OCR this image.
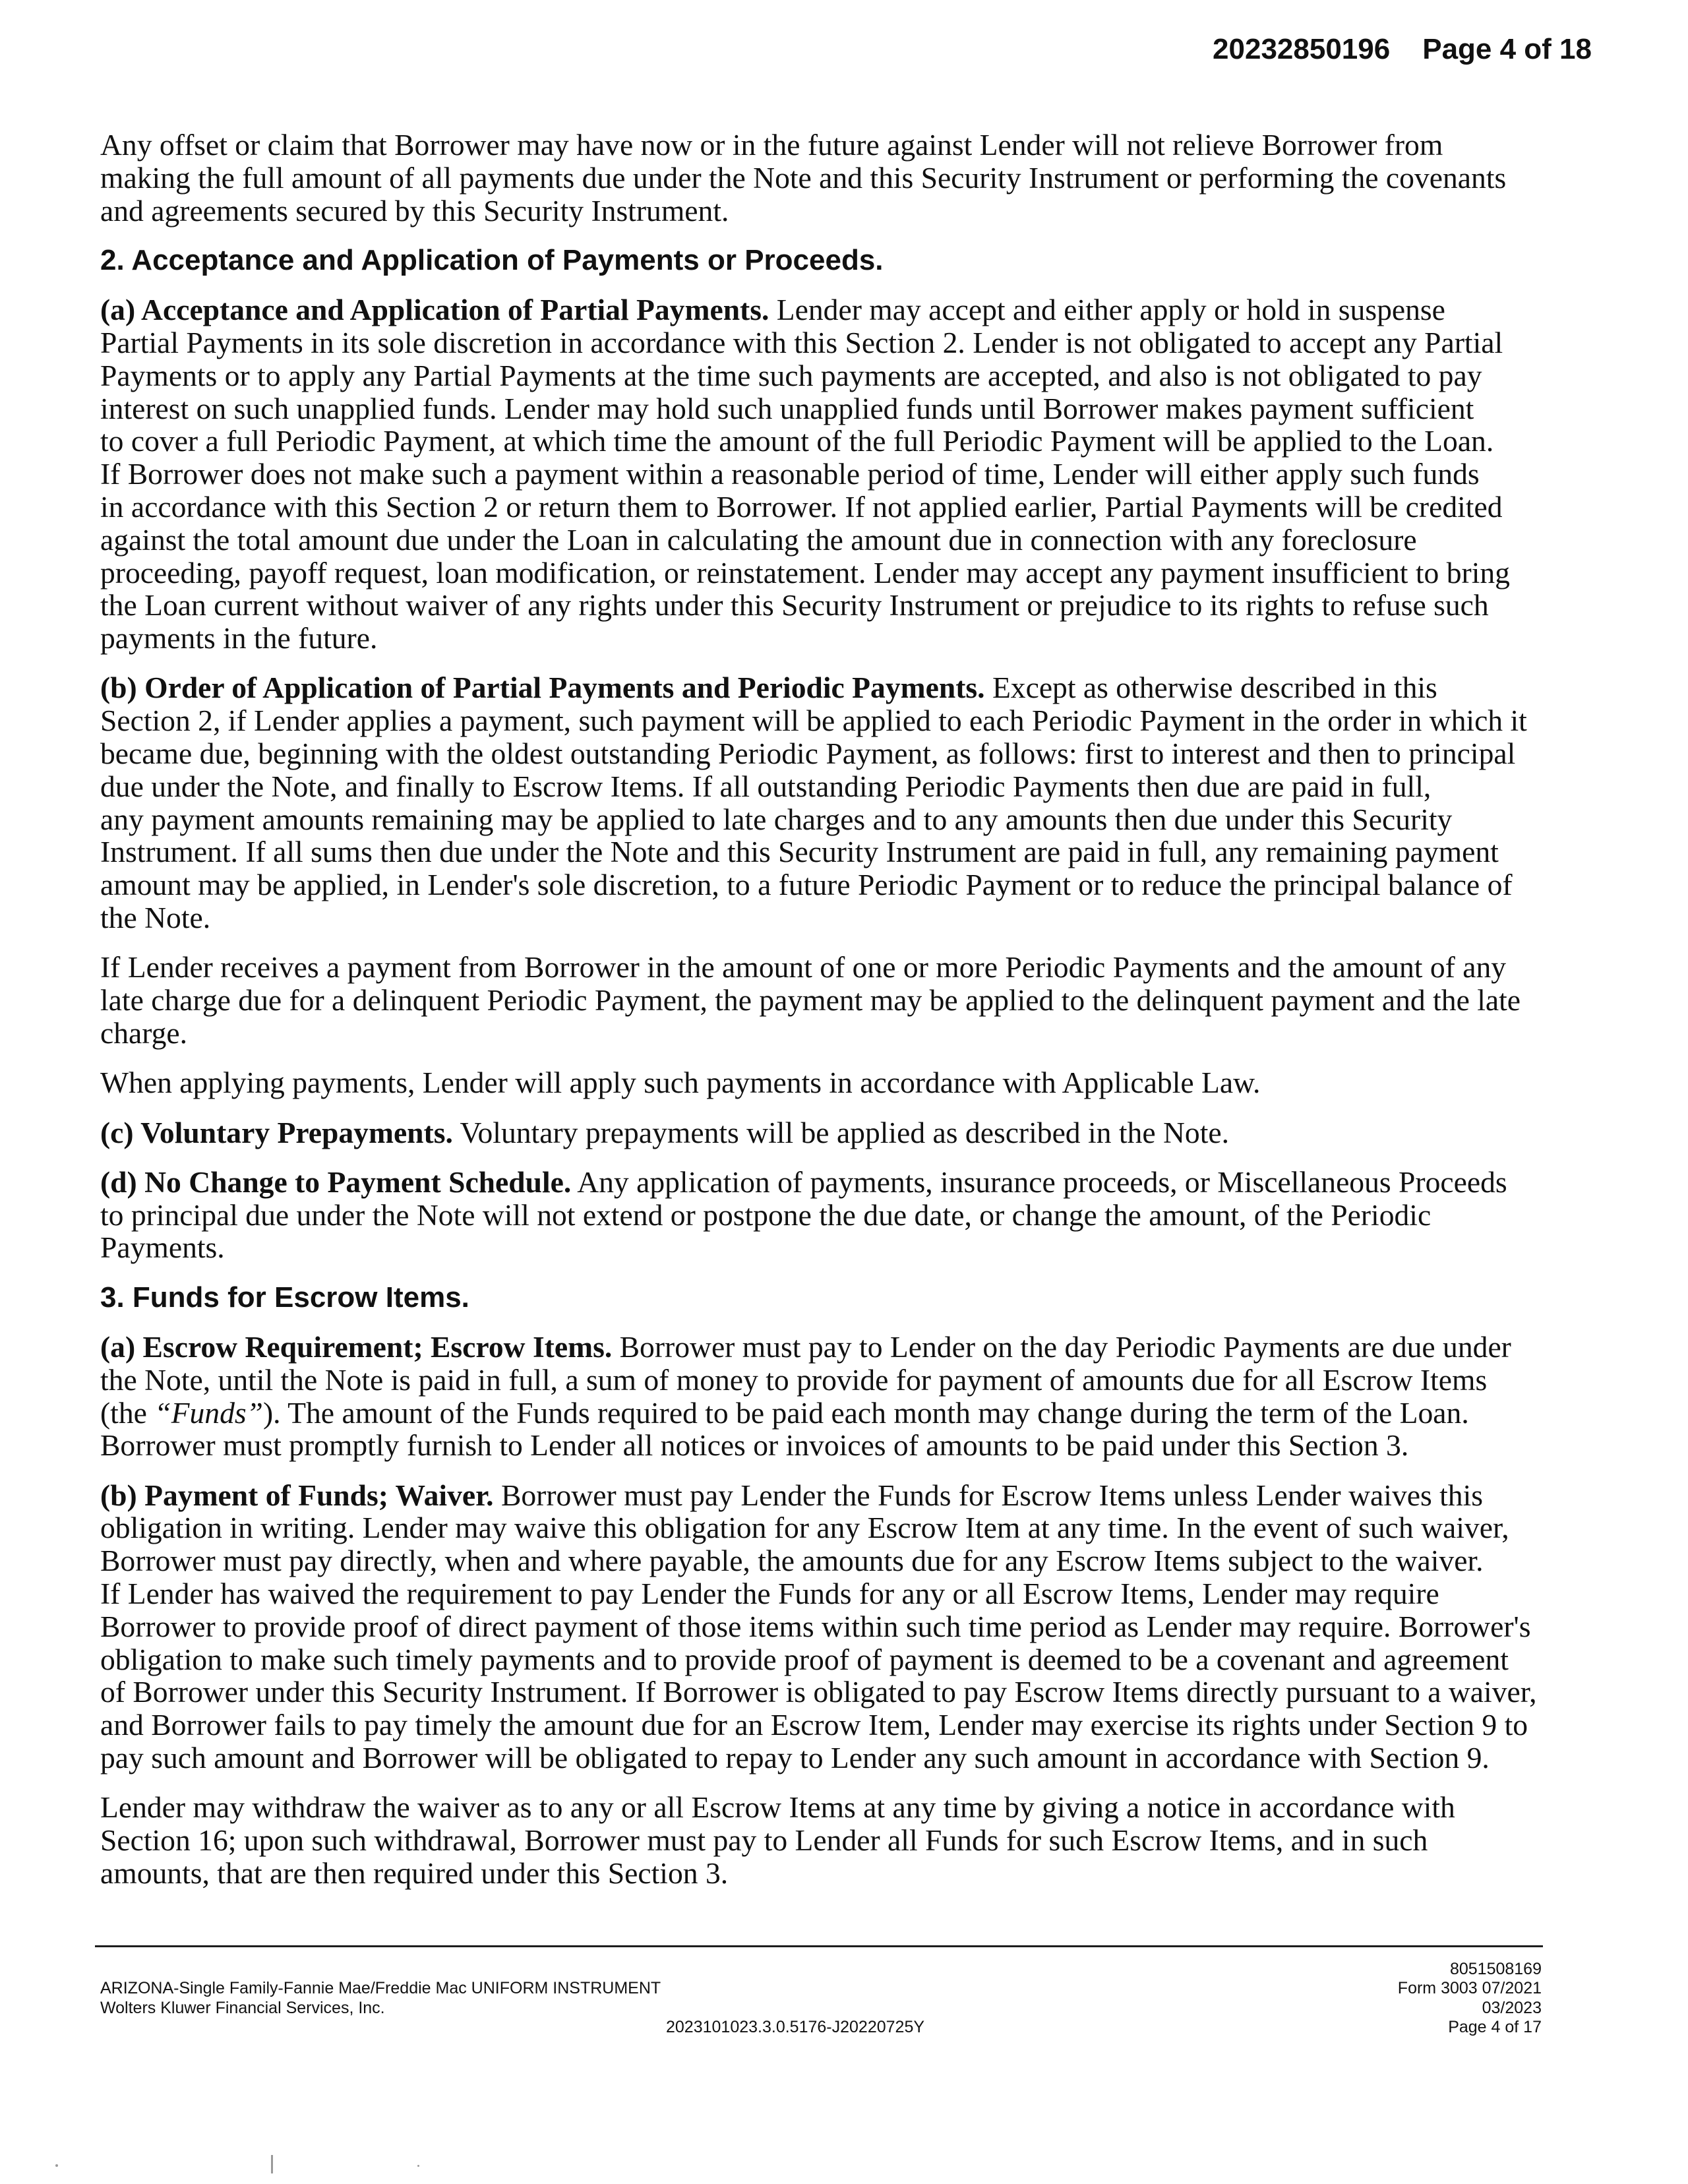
20232850196 Page 4 of 18
Any offset or claim that Borrower may have now or in the future against Lender will not relieve Borrower from
making the full amount of all payments due under the Note and this Security Instrument or performing the covenants
and agreements secured by this Security Instrument.
2. Acceptance and Application of Payments or Proceeds.
(a) Acceptance and Application of Partial Payments. Lender may accept and either apply or hold in suspense
Partial Payments in its sole discretion in accordance with this Section 2. Lender is not obligated to accept any Partial
Payments or to apply any Partial Payments at the time such payments are accepted, and also is not obligated to pay
interest on such unapplied funds. Lender may hold such unapplied funds until Borrower makes payment sufficient
to cover a full Periodic Payment, at which time the amount of the full Periodic Payment will be applied to the Loan.
If Borrower does not make such a payment within a reasonable period of time, Lender will either apply such funds
in accordance with this Section 2 or return them to Borrower. If not applied earlier, Partial Payments will be credited
against the total amount due under the Loan in calculating the amount due in connection with any foreclosure
proceeding, payoff request, loan modification, or reinstatement. Lender may accept any payment insufficient to bring
the Loan current without waiver of any rights under this Security Instrument or prejudice to its rights to refuse such
payments in the future.
(b) Order of Application of Partial Payments and Periodic Payments. Except as otherwise described in this
Section 2, if Lender applies a payment, such payment will be applied to each Periodic Payment in the order in which it
became due, beginning with the oldest outstanding Periodic Payment, as follows: first to interest and then to principal
due under the Note, and finally to Escrow Items. If all outstanding Periodic Payments then due are paid in full,
any payment amounts remaining may be applied to late charges and to any amounts then due under this Security
Instrument. If all sums then due under the Note and this Security Instrument are paid in full, any remaining payment
amount may be applied, in Lender's sole discretion, to a future Periodic Payment or to reduce the principal balance of
the Note.
If Lender receives a payment from Borrower in the amount of one or more Periodic Payments and the amount of any
late charge due for a delinquent Periodic Payment, the payment may be applied to the delinquent payment and the late
charge.
When applying payments, Lender will apply such payments in accordance with Applicable Law.
(c) Voluntary Prepayments. Voluntary prepayments will be applied as described in the Note.
(d) No Change to Payment Schedule. Any application of payments, insurance proceeds, or Miscellaneous Proceeds
to principal due under the Note will not extend or postpone the due date, or change the amount, of the Periodic
Payments.
3. Funds for Escrow Items.
(a) Escrow Requirement; Escrow Items. Borrower must pay to Lender on the day Periodic Payments are due under
the Note, until the Note is paid in full, a sum of money to provide for payment of amounts due for all Escrow Items
(the “Funds”). The amount of the Funds required to be paid each month may change during the term of the Loan.
Borrower must promptly furnish to Lender all notices or invoices of amounts to be paid under this Section 3.
(b) Payment of Funds; Waiver. Borrower must pay Lender the Funds for Escrow Items unless Lender waives this
obligation in writing. Lender may waive this obligation for any Escrow Item at any time. In the event of such waiver,
Borrower must pay directly, when and where payable, the amounts due for any Escrow Items subject to the waiver.
If Lender has waived the requirement to pay Lender the Funds for any or all Escrow Items, Lender may require
Borrower to provide proof of direct payment of those items within such time period as Lender may require. Borrower's
obligation to make such timely payments and to provide proof of payment is deemed to be a covenant and agreement
of Borrower under this Security Instrument. If Borrower is obligated to pay Escrow Items directly pursuant to a waiver,
and Borrower fails to pay timely the amount due for an Escrow Item, Lender may exercise its rights under Section 9 to
pay such amount and Borrower will be obligated to repay to Lender any such amount in accordance with Section 9.
Lender may withdraw the waiver as to any or all Escrow Items at any time by giving a notice in accordance with
Section 16; upon such withdrawal, Borrower must pay to Lender all Funds for such Escrow Items, and in such
amounts, that are then required under this Section 3.
ARIZONA-Single Family-Fannie Mae/Freddie Mac UNIFORM INSTRUMENT
Wolters Kluwer Financial Services, Inc.
2023101023.3.0.5176-J20220725Y
8051508169
Form 3003 07/2021
03/2023
Page 4 of 17
